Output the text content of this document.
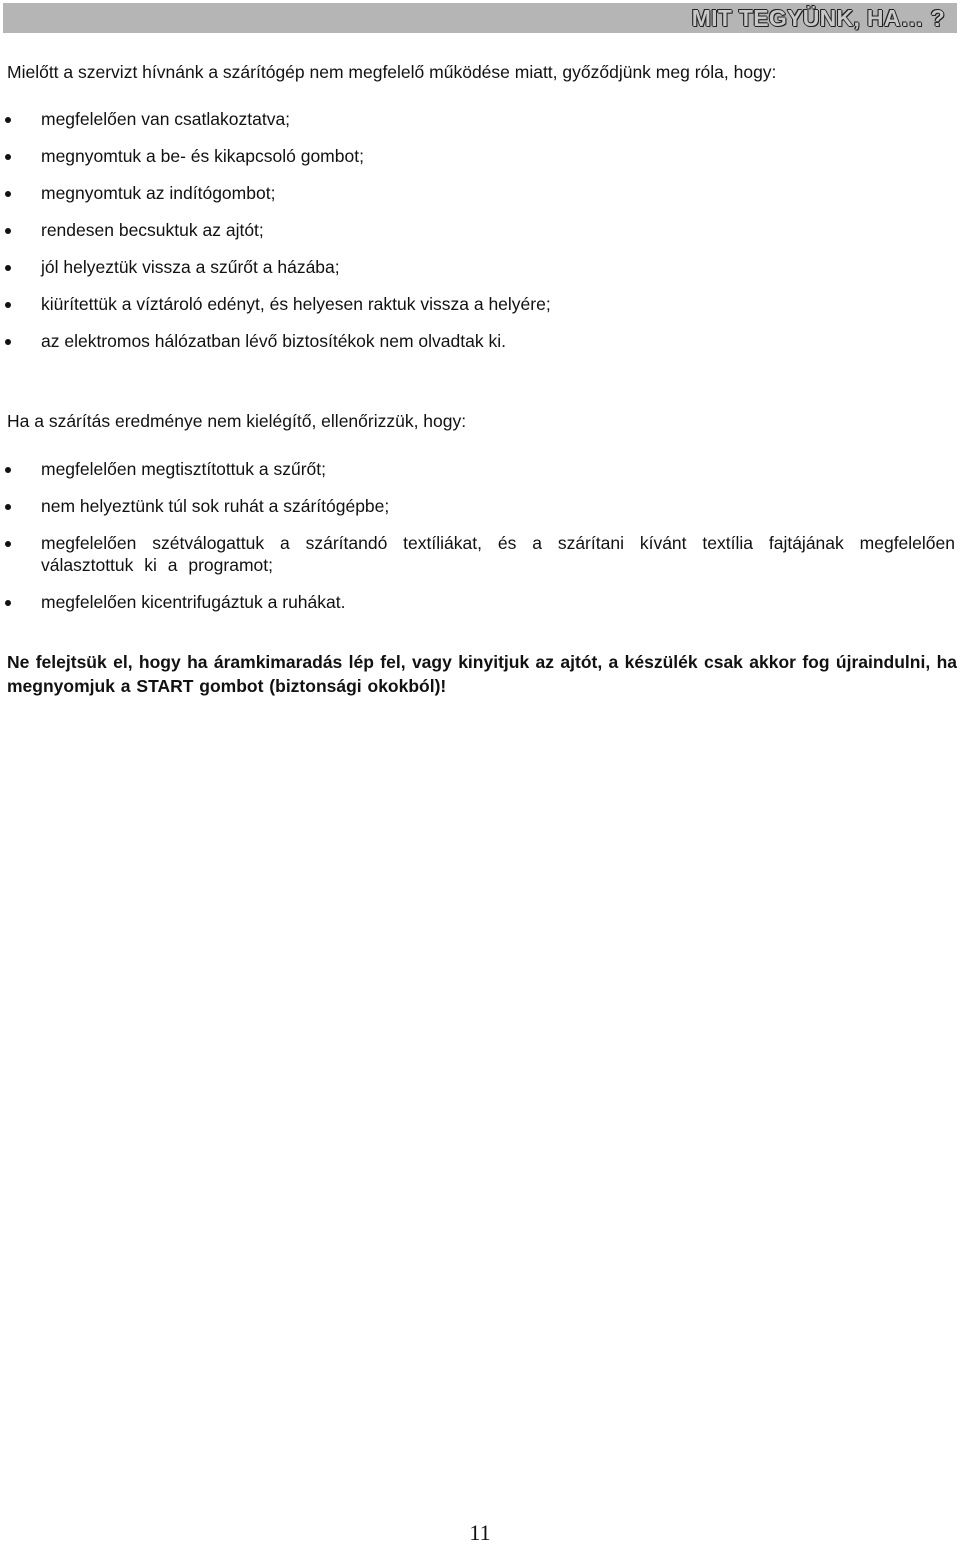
MIT TEGYÜNK, HA… ?

Mielőtt a szervizt hívnánk a szárítógép nem megfelelő működése miatt, győződjünk meg róla, hogy:

megfelelően van csatlakoztatva;
megnyomtuk a be- és kikapcsoló gombot;
megnyomtuk az indítógombot;
rendesen becsuktuk az ajtót;
jól helyeztük vissza a szűrőt a házába;
kiürítettük a víztároló edényt, és helyesen raktuk vissza a helyére;
az elektromos hálózatban lévő biztosítékok nem olvadtak ki.

Ha a szárítás eredménye nem kielégítő, ellenőrizzük, hogy:

megfelelően megtisztítottuk a szűrőt;
nem helyeztünk túl sok ruhát a szárítógépbe;
megfelelően szétválogattuk a szárítandó textíliákat, és a szárítani kívánt textília fajtájának megfelelően választottuk ki a programot;
megfelelően kicentrifugáztuk a ruhákat.

Ne felejtsük el, hogy ha áramkimaradás lép fel, vagy kinyitjuk az ajtót, a készülék csak akkor fog újraindulni, ha megnyomjuk a START gombot (biztonsági okokból)!

11
